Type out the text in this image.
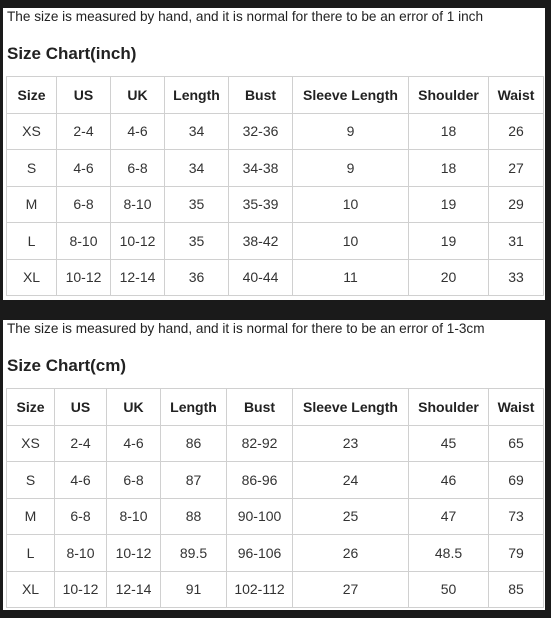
The size is measured by hand, and it is normal for there to be an error of 1 inch
Size Chart(inch)
Size	US	UK	Length	Bust	Sleeve Length	Shoulder	Waist
XS	2-4	4-6	34	32-36	9	18	26
S	4-6	6-8	34	34-38	9	18	27
M	6-8	8-10	35	35-39	10	19	29
L	8-10	10-12	35	38-42	10	19	31
XL	10-12	12-14	36	40-44	11	20	33
The size is measured by hand, and it is normal for there to be an error of 1-3cm
Size Chart(cm)
Size	US	UK	Length	Bust	Sleeve Length	Shoulder	Waist
XS	2-4	4-6	86	82-92	23	45	65
S	4-6	6-8	87	86-96	24	46	69
M	6-8	8-10	88	90-100	25	47	73
L	8-10	10-12	89.5	96-106	26	48.5	79
XL	10-12	12-14	91	102-112	27	50	85
